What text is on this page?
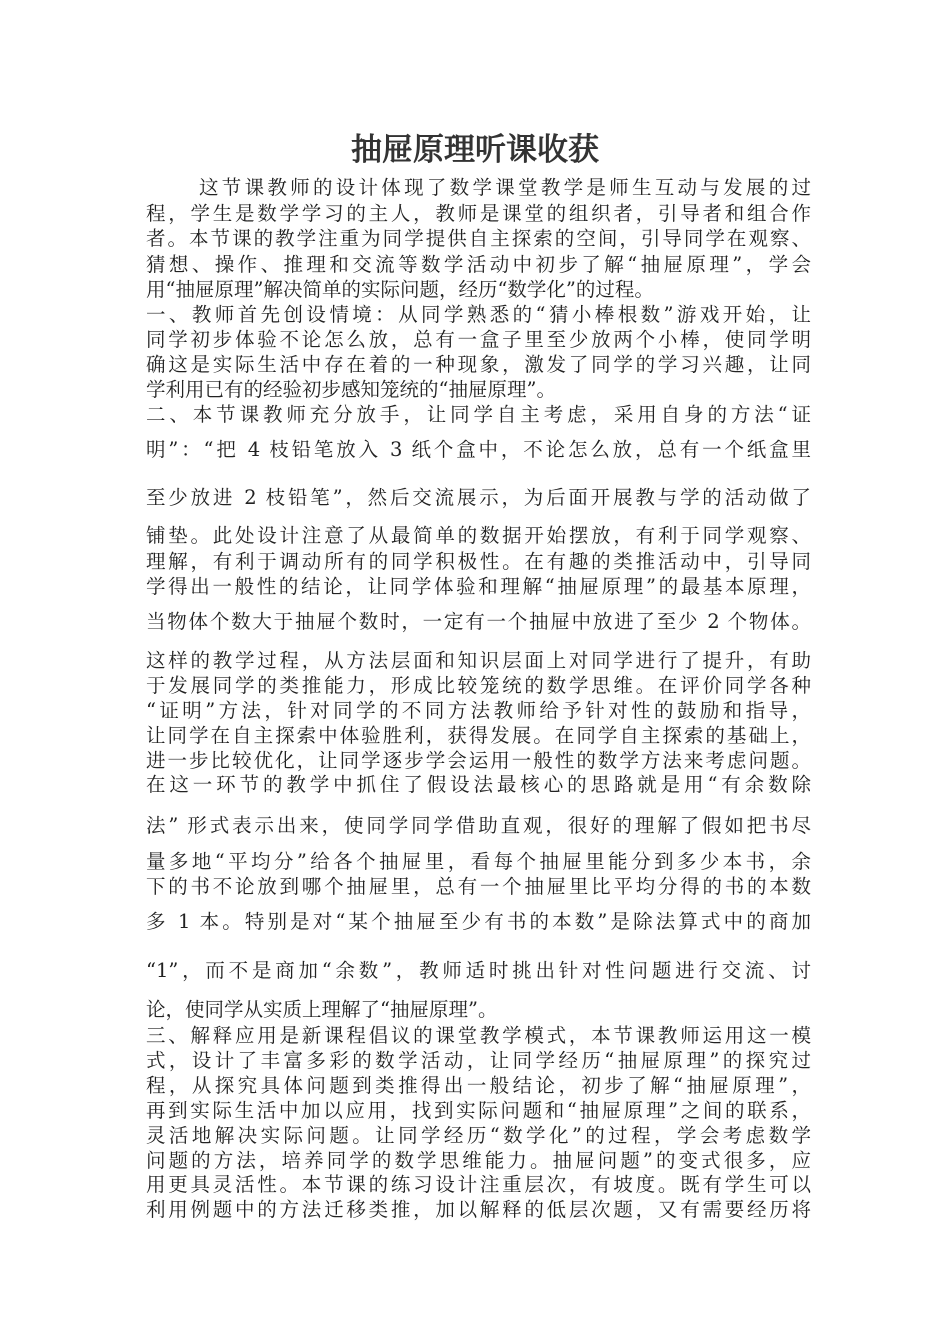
抽屉原理听课收获
这节课教师的设计体现了数学课堂教学是师生互动与发展的过
程，学生是数学学习的主人，教师是课堂的组织者，引导者和组合作
者。本节课的教学注重为同学提供自主探索的空间，引导同学在观察、
猜想、操作、推理和交流等数学活动中初步了解“抽屉原理”，学会
用“抽屉原理”解决简单的实际问题，经历“数学化”的过程。
一、教师首先创设情境：从同学熟悉的“猜小棒根数”游戏开始，让
同学初步体验不论怎么放，总有一盒子里至少放两个小棒，使同学明
确这是实际生活中存在着的一种现象，激发了同学的学习兴趣，让同
学利用已有的经验初步感知笼统的“抽屉原理”。
二、本节课教师充分放手，让同学自主考虑，采用自身的方法“证
明”：“把 4 枝铅笔放入 3 纸个盒中，不论怎么放，总有一个纸盒里
至少放进 2 枝铅笔”，然后交流展示，为后面开展教与学的活动做了
铺垫。此处设计注意了从最简单的数据开始摆放，有利于同学观察、
理解，有利于调动所有的同学积极性。在有趣的类推活动中，引导同
学得出一般性的结论，让同学体验和理解“抽屉原理”的最基本原理，
当物体个数大于抽屉个数时，一定有一个抽屉中放进了至少 2 个物体。
这样的教学过程，从方法层面和知识层面上对同学进行了提升，有助
于发展同学的类推能力，形成比较笼统的数学思维。在评价同学各种
“证明”方法，针对同学的不同方法教师给予针对性的鼓励和指导，
让同学在自主探索中体验胜利，获得发展。在同学自主探索的基础上，
进一步比较优化，让同学逐步学会运用一般性的数学方法来考虑问题。
在这一环节的教学中抓住了假设法最核心的思路就是用“有余数除
法” 形式表示出来，使同学同学借助直观，很好的理解了假如把书尽
量多地“平均分”给各个抽屉里，看每个抽屉里能分到多少本书，余
下的书不论放到哪个抽屉里，总有一个抽屉里比平均分得的书的本数
多 1 本。特别是对“某个抽屉至少有书的本数”是除法算式中的商加
“1”，而不是商加“余数”，教师适时挑出针对性问题进行交流、讨
论，使同学从实质上理解了“抽屉原理”。
三、解释应用是新课程倡议的课堂教学模式，本节课教师运用这一模
式，设计了丰富多彩的数学活动，让同学经历“抽屉原理”的探究过
程，从探究具体问题到类推得出一般结论，初步了解“抽屉原理”，
再到实际生活中加以应用，找到实际问题和“抽屉原理”之间的联系，
灵活地解决实际问题。让同学经历“数学化”的过程，学会考虑数学
问题的方法，培养同学的数学思维能力。抽屉问题”的变式很多，应
用更具灵活性。本节课的练习设计注重层次，有坡度。既有学生可以
利用例题中的方法迁移类推，加以解释的低层次题，又有需要经历将
